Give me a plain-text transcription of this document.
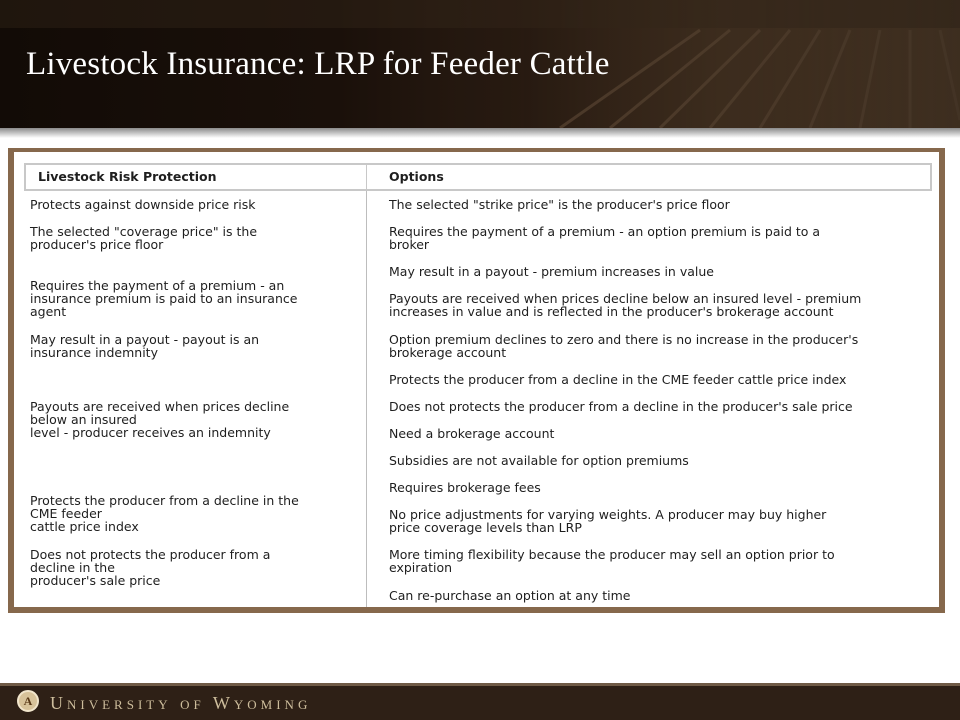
Livestock Insurance: LRP for Feeder Cattle
Livestock Risk Protection	Options
Protects against downside price risk
The selected "coverage price" is the
producer's price floor
Requires the payment of a premium - an
insurance premium is paid to an insurance
agent
May result in a payout - payout is an
insurance indemnity
Payouts are received when prices decline
below an insured
level - producer receives an indemnity
Protects the producer from a decline in the
CME feeder
cattle price index
Does not protects the producer from a
decline in the
producer's sale price
The selected "strike price" is the producer's price floor
Requires the payment of a premium - an option premium is paid to a
broker
May result in a payout - premium increases in value
Payouts are received when prices decline below an insured level - premium
increases in value and is reflected in the producer's brokerage account
Option premium declines to zero and there is no increase in the producer's
brokerage account
Protects the producer from a decline in the CME feeder cattle price index
Does not protects the producer from a decline in the producer's sale price
Need a brokerage account
Subsidies are not available for option premiums
Requires brokerage fees
No price adjustments for varying weights. A producer may buy higher
price coverage levels than LRP
More timing flexibility because the producer may sell an option prior to
expiration
Can re-purchase an option at any time
A University of Wyoming
